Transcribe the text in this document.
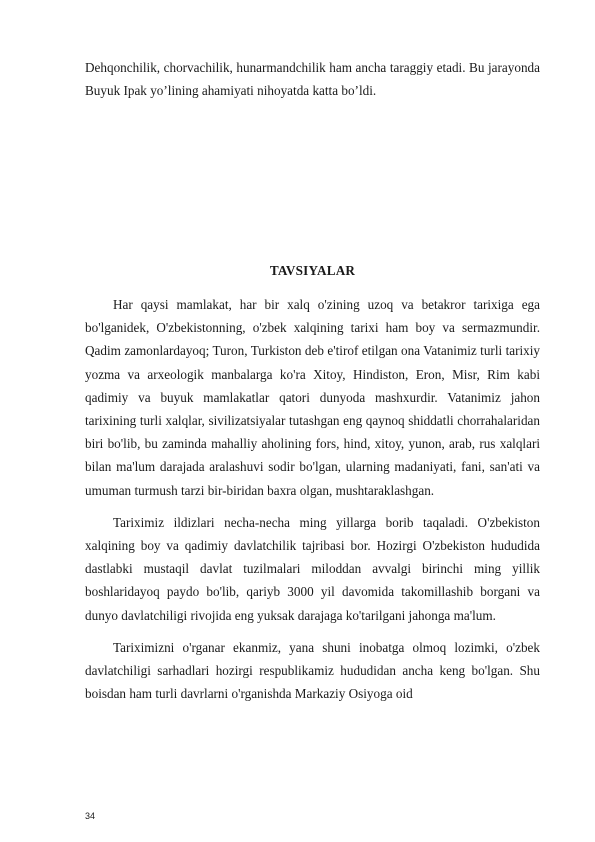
Dehqonchilik, chorvachilik, hunarmandchilik ham ancha taraggiy etadi. Bu jarayonda Buyuk Ipak yo’lining ahamiyati nihoyatda katta bo’ldi.

TAVSIYALAR

Har qaysi mamlakat, har bir xalq o'zining uzoq va betakror tarixiga ega bo'lganidek, O'zbekistonning, o'zbek xalqining tarixi ham boy va sermazmundir. Qadim zamonlardayoq; Turon, Turkiston deb e'tirof etilgan ona Vatanimiz turli tarixiy yozma va arxeologik manbalarga ko'ra Xitoy, Hindiston, Eron, Misr, Rim kabi qadimiy va buyuk mamlakatlar qatori dunyoda mashxurdir. Vatanimiz jahon tarixining turli xalqlar, sivilizatsiyalar tutashgan eng qaynoq shiddatli chorrahalaridan biri bo'lib, bu zaminda mahalliy aholining fors, hind, xitoy, yunon, arab, rus xalqlari bilan ma'lum darajada aralashuvi sodir bo'lgan, ularning madaniyati, fani, san'ati va umuman turmush tarzi bir-biridan baxra olgan, mushtaraklashgan.

Tariximiz ildizlari necha-necha ming yillarga borib taqaladi. O'zbekiston xalqining boy va qadimiy davlatchilik tajribasi bor. Hozirgi O'zbekiston hududida dastlabki mustaqil davlat tuzilmalari miloddan avvalgi birinchi ming yillik boshlaridayoq paydo bo'lib, qariyb 3000 yil davomida takomillashib borgani va dunyo davlatchiligi rivojida eng yuksak darajaga ko'tarilgani jahonga ma'lum.

Tariximizni o'rganar ekanmiz, yana shuni inobatga olmoq lozimki, o'zbek davlatchiligi sarhadlari hozirgi respublikamiz hududidan ancha keng bo'lgan. Shu boisdan ham turli davrlarni o'rganishda Markaziy Osiyoga oid

34
